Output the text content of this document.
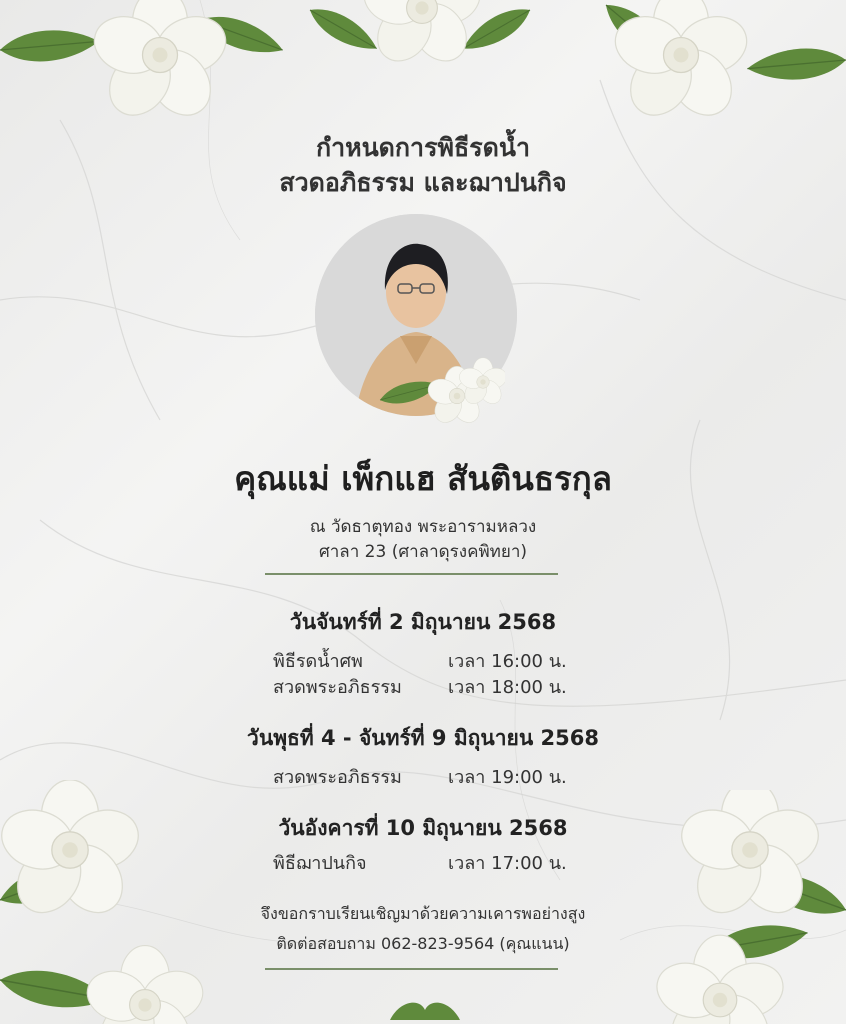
กำหนดการพิธีรดน้ำ
สวดอภิธรรม และฌาปนกิจ
คุณแม่ เพ็กแฮ สันตินธรกุล
ณ วัดธาตุทอง พระอารามหลวง
ศาลา 23 (ศาลาดุรงคพิทยา)
วันจันทร์ที่ 2 มิถุนายน 2568
พิธีรดน้ำศพ	เวลา 16:00 น.
สวดพระอภิธรรม	เวลา 18:00 น.
วันพุธที่ 4 - จันทร์ที่ 9 มิถุนายน 2568
สวดพระอภิธรรม	เวลา 19:00 น.
วันอังคารที่ 10 มิถุนายน 2568
พิธีฌาปนกิจ	เวลา 17:00 น.
จึงขอกราบเรียนเชิญมาด้วยความเคารพอย่างสูง
ติดต่อสอบถาม 062-823-9564 (คุณแนน)
